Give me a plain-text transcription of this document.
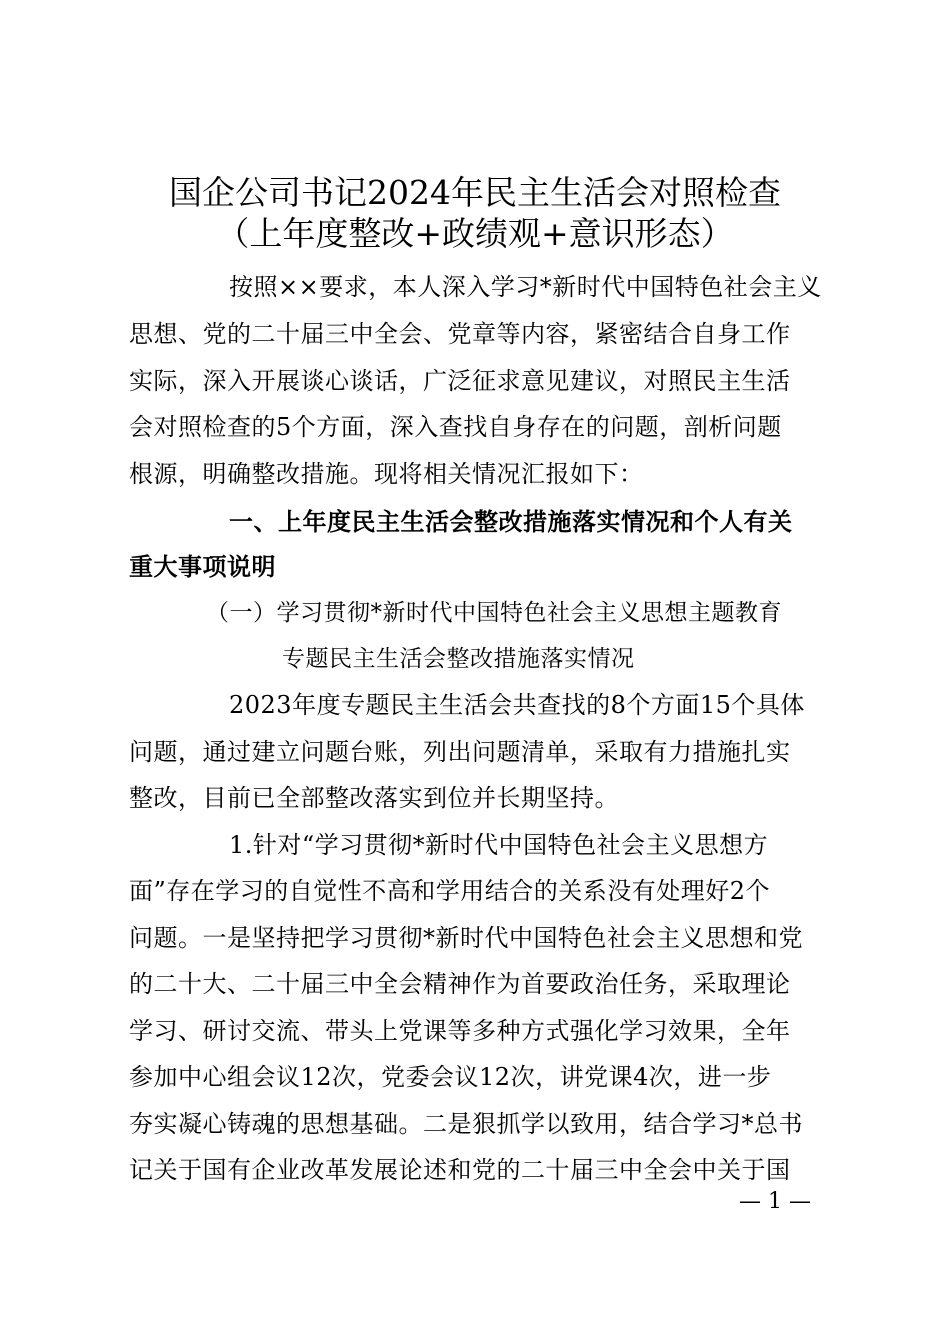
国企公司书记2024年民主生活会对照检查
（上年度整改+政绩观+意识形态）
按照××要求，本人深入学习*新时代中国特色社会主义
思想、党的二十届三中全会、党章等内容，紧密结合自身工作
实际，深入开展谈心谈话，广泛征求意见建议，对照民主生活
会对照检查的5个方面，深入查找自身存在的问题，剖析问题
根源，明确整改措施。现将相关情况汇报如下：
一、上年度民主生活会整改措施落实情况和个人有关
重大事项说明
（一）学习贯彻*新时代中国特色社会主义思想主题教育
专题民主生活会整改措施落实情况
2023年度专题民主生活会共查找的8个方面15个具体
问题，通过建立问题台账，列出问题清单，采取有力措施扎实
整改，目前已全部整改落实到位并长期坚持。
1.针对“学习贯彻*新时代中国特色社会主义思想方
面”存在学习的自觉性不高和学用结合的关系没有处理好2个
问题。一是坚持把学习贯彻*新时代中国特色社会主义思想和党
的二十大、二十届三中全会精神作为首要政治任务，采取理论
学习、研讨交流、带头上党课等多种方式强化学习效果，全年
参加中心组会议12次，党委会议12次，讲党课4次，进一步
夯实凝心铸魂的思想基础。二是狠抓学以致用，结合学习*总书
记关于国有企业改革发展论述和党的二十届三中全会中关于国
— 1 —
